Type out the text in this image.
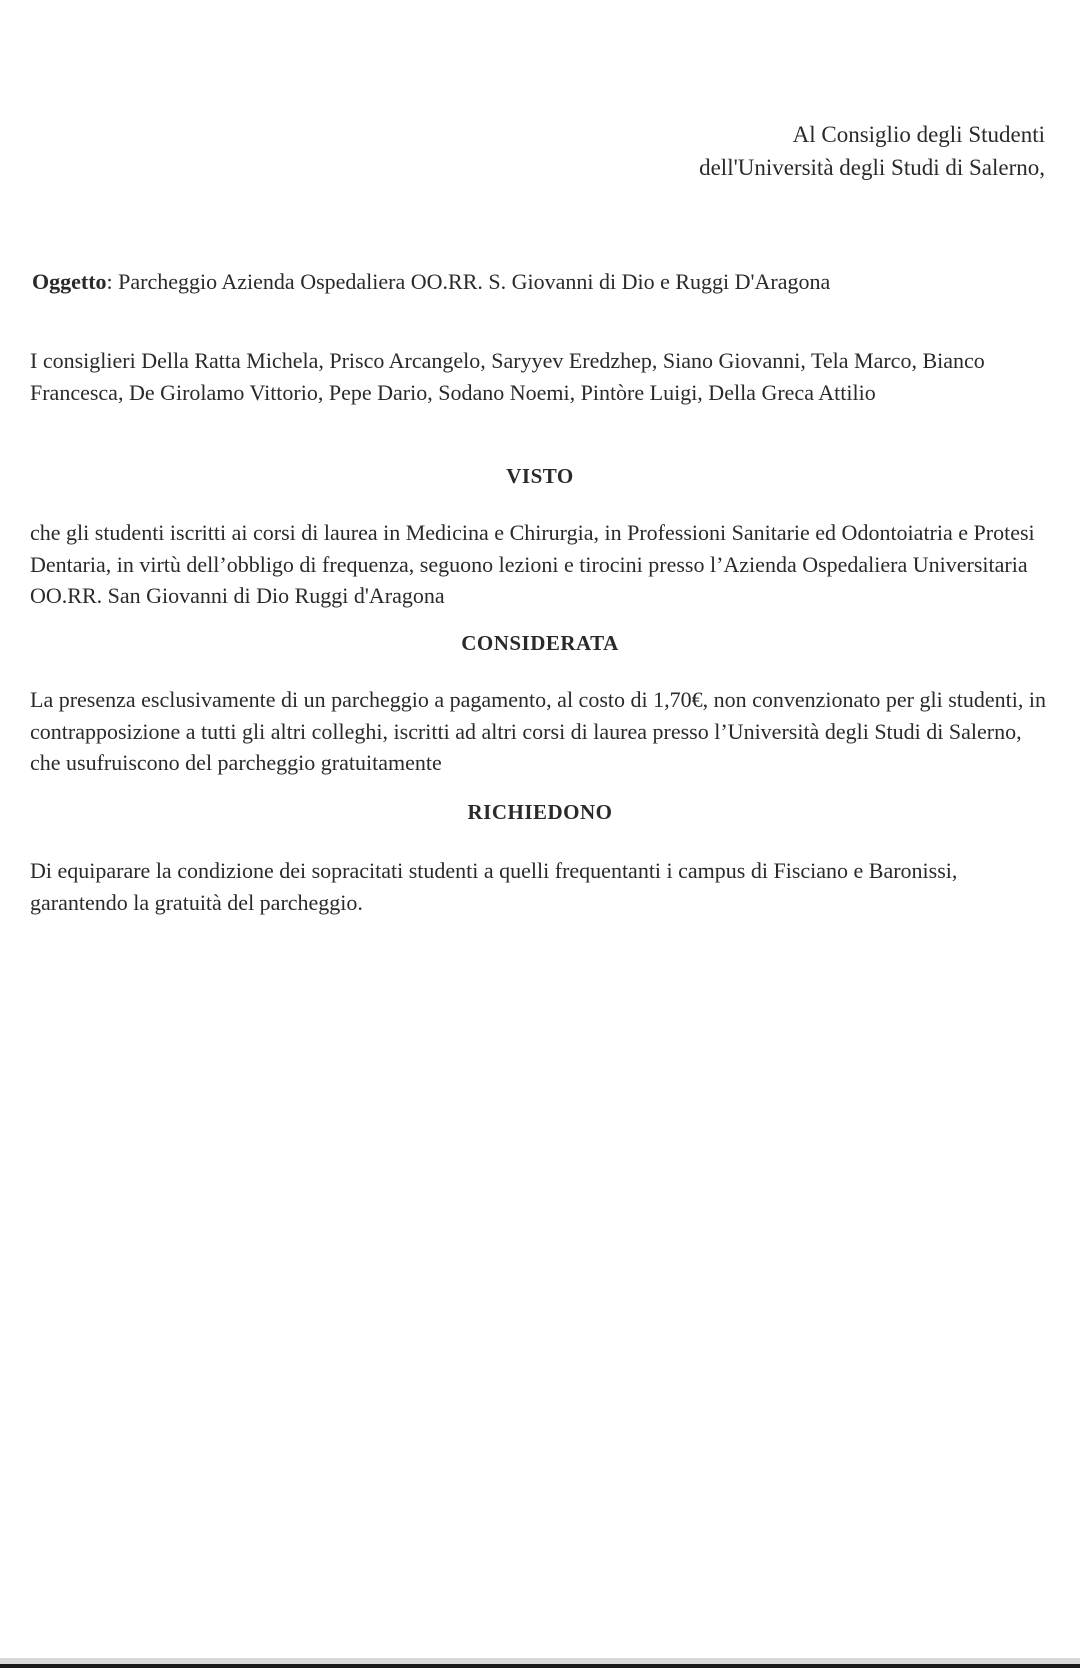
Al Consiglio degli Studenti
dell'Università degli Studi di Salerno,
Oggetto: Parcheggio Azienda Ospedaliera OO.RR. S. Giovanni di Dio e Ruggi D'Aragona
I consiglieri Della Ratta Michela, Prisco Arcangelo, Saryyev Eredzhep, Siano Giovanni, Tela Marco, Bianco Francesca, De Girolamo Vittorio, Pepe Dario, Sodano Noemi, Pintòre Luigi, Della Greca Attilio
VISTO
che gli studenti iscritti ai corsi di laurea in Medicina e Chirurgia, in Professioni Sanitarie ed Odontoiatria e Protesi Dentaria, in virtù dell’obbligo di frequenza, seguono lezioni e tirocini presso l’Azienda Ospedaliera Universitaria OO.RR. San Giovanni di Dio Ruggi d'Aragona
CONSIDERATA
La presenza esclusivamente di un parcheggio a pagamento, al costo di 1,70€, non convenzionato per gli studenti, in contrapposizione a tutti gli altri colleghi, iscritti ad altri corsi di laurea presso l’Università degli Studi di Salerno, che usufruiscono del parcheggio gratuitamente
RICHIEDONO
Di equiparare la condizione dei sopracitati studenti a quelli frequentanti i campus di Fisciano e Baronissi, garantendo la gratuità del parcheggio.
